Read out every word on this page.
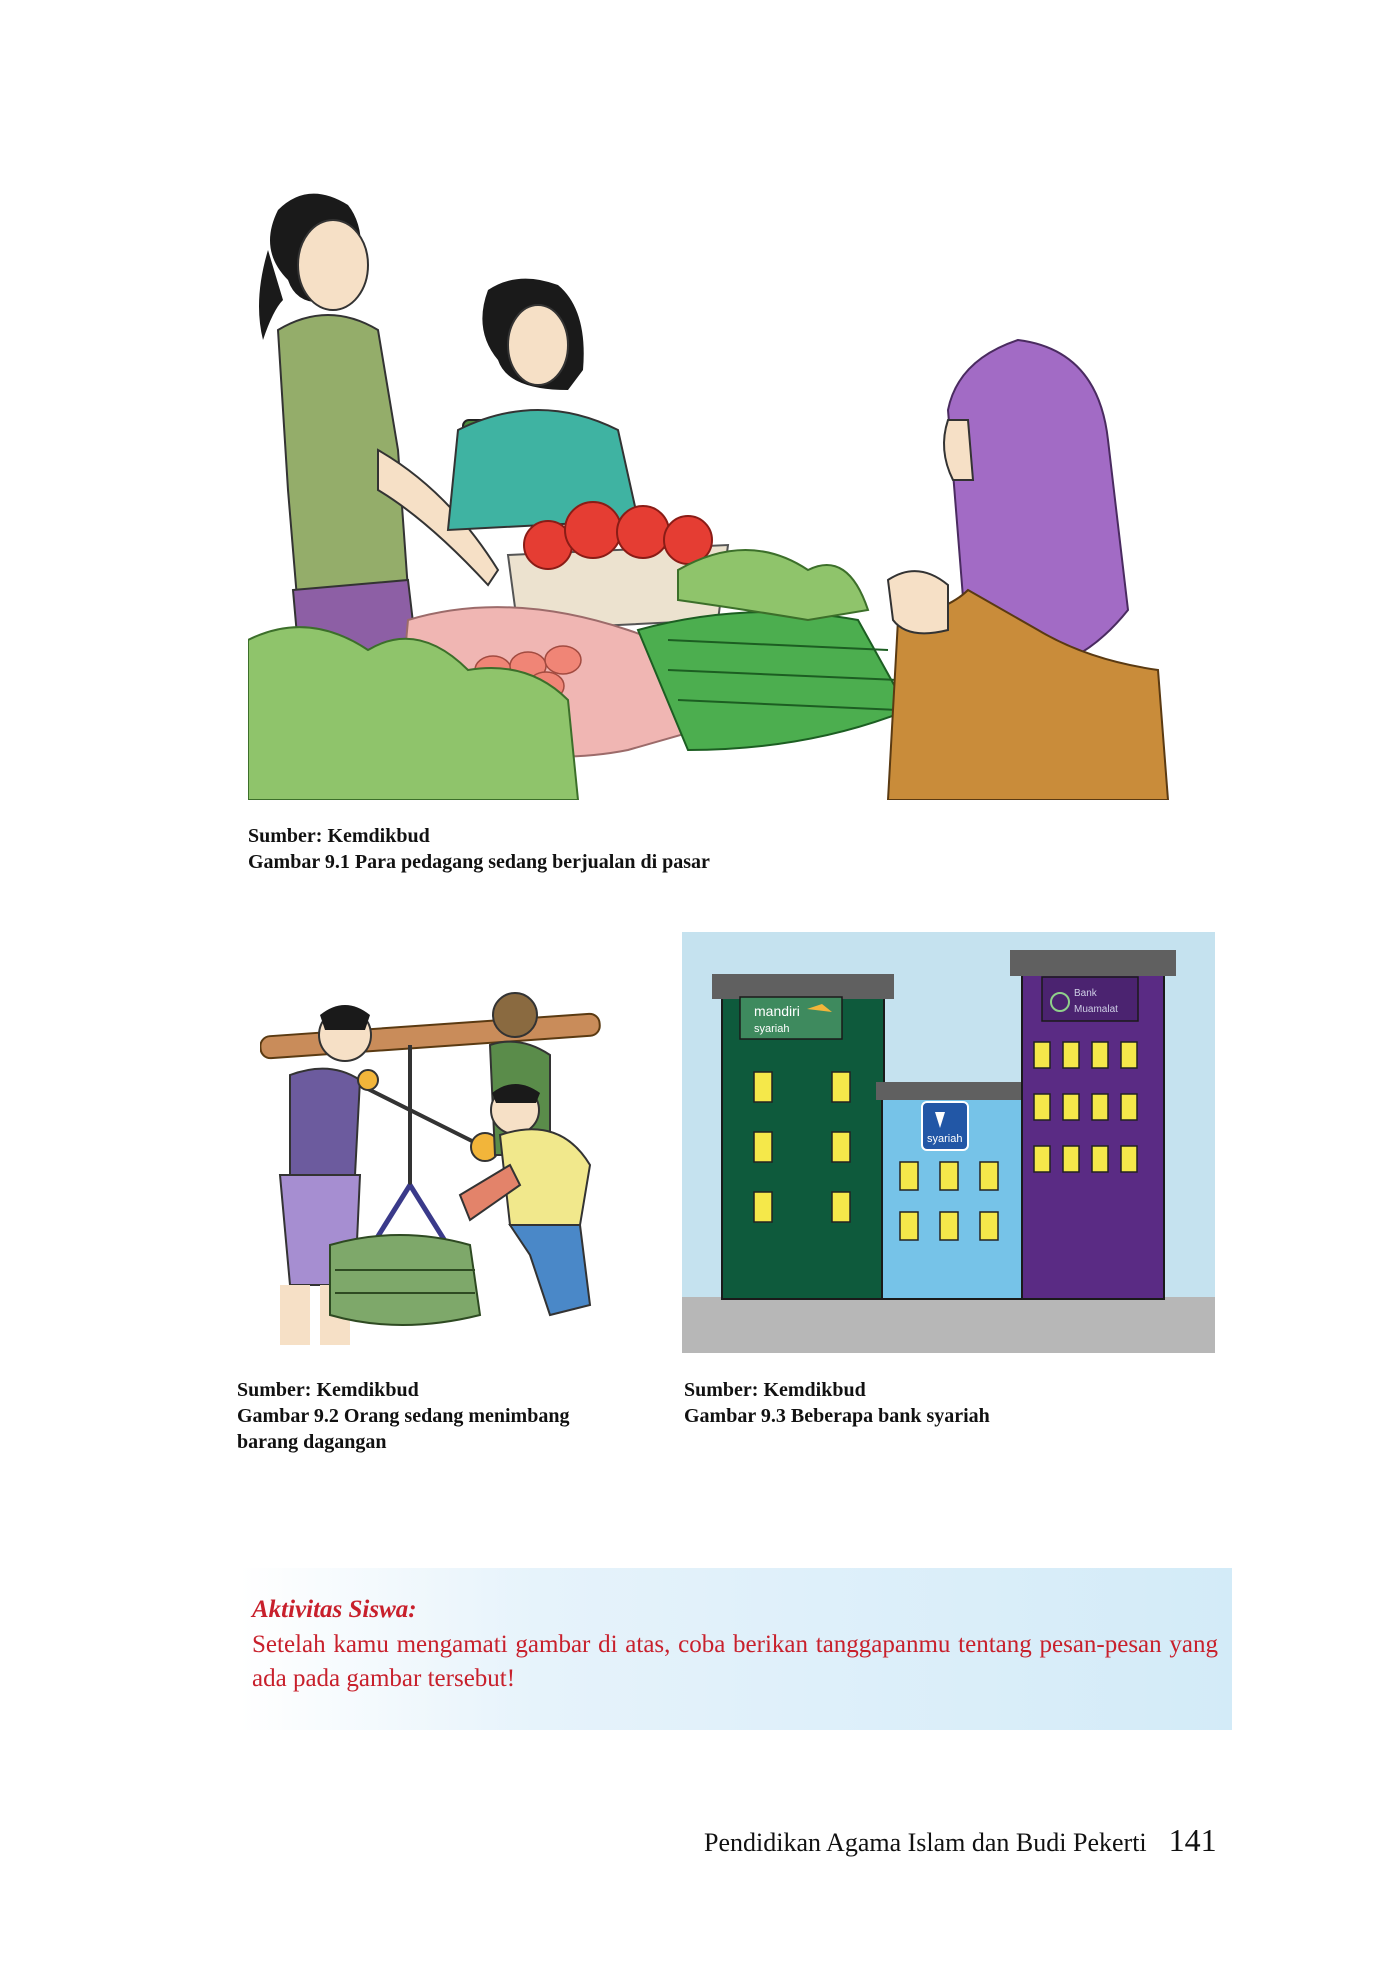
Sumber: Kemdikbud
Gambar 9.1 Para pedagang sedang berjualan di pasar
Sumber: Kemdikbud
Gambar 9.2 Orang sedang menimbang
barang dagangan
mandiri
syariah
syariah
Bank
Muamalat
Sumber: Kemdikbud
Gambar 9.3 Beberapa bank syariah
Aktivitas Siswa:
Setelah kamu mengamati gambar di atas, coba berikan tanggapanmu tentang pesan-pesan yang ada pada gambar tersebut!
Pendidikan Agama Islam dan Budi Pekerti 141
